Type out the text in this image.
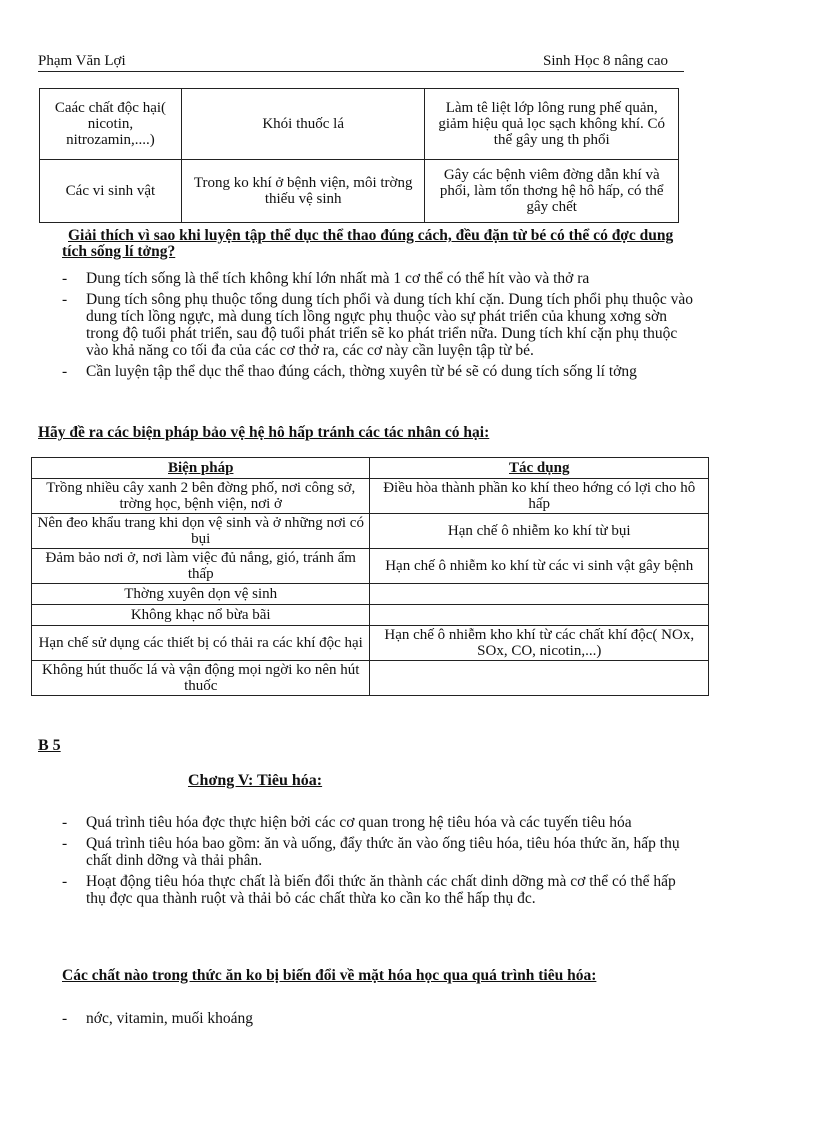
Phạm Văn Lợi	Sinh Học 8 nâng cao
Caác chất độc hại( nicotin, nitrozamin,....)	Khói thuốc lá	Làm tê liệt lớp lông rung phế quản, giảm hiệu quả lọc sạch không khí. Có thể gây ung th phổi
Các vi sinh vật	Trong ko khí ở bệnh viện, môi trờng thiếu vệ sinh	Gây các bệnh viêm đờng dẫn khí và phổi, làm tổn thơng hệ hô hấp, có thể gây chết
Giải thích vì sao khi luyện tập thể dục thể thao đúng cách, đều đặn từ bé có thể có đợc dung tích sống lí tởng?
- Dung tích sống là thể tích không khí lớn nhất mà 1 cơ thể có thể hít vào và thở ra
- Dung tích sông phụ thuộc tổng dung tích phổi và dung tích khí cặn. Dung tích phổi phụ thuộc vào dung tích lồng ngực, mà dung tích lồng ngực phụ thuộc vào sự phát triển của khung xơng sờn trong độ tuổi phát triển, sau độ tuổi phát triển sẽ ko phát triển nữa. Dung tích khí cặn phụ thuộc vào khả năng co tối đa của các cơ thở ra, các cơ này cần luyện tập từ bé.
- Cần luyện tập thể dục thể thao đúng cách, thờng xuyên từ bé sẽ có dung tích sống lí tởng
Hãy đề ra các biện pháp bảo vệ hệ hô hấp tránh các tác nhân có hại:
Biện pháp	Tác dụng
Trồng nhiều cây xanh 2 bên đờng phố, nơi công sở, trờng học, bệnh viện, nơi ở	Điều hòa thành phần ko khí theo hớng có lợi cho hô hấp
Nên đeo khẩu trang khi dọn vệ sinh và ở những nơi có bụi	Hạn chế ô nhiễm ko khí từ bụi
Đảm bảo nơi ở, nơi làm việc đủ nắng, gió, tránh ẩm thấp	Hạn chế ô nhiễm ko khí từ các vi sinh vật gây bệnh
Thờng xuyên dọn vệ sinh	
Không khạc nổ bừa bãi	
Hạn chế sử dụng các thiết bị có thải ra các khí độc hại	Hạn chế ô nhiễm kho khí từ các chất khí độc( NOx, SOx, CO, nicotin,...)
Không hút thuốc lá và vận động mọi ngời ko nên hút thuốc	
B 5
Chơng V: Tiêu hóa:
- Quá trình tiêu hóa đợc thực hiện bởi các cơ quan trong hệ tiêu hóa và các tuyến tiêu hóa
- Quá trình tiêu hóa bao gồm: ăn và uống, đẩy thức ăn vào ống tiêu hóa, tiêu hóa thức ăn, hấp thụ chất dinh dỡng và thải phân.
- Hoạt động tiêu hóa thực chất là biến đổi thức ăn thành các chất dinh dỡng mà cơ thể có thể hấp thụ đợc qua thành ruột và thải bỏ các chất thừa ko cần ko thể hấp thụ đc.
Các chất nào trong thức ăn ko bị biến đổi về mặt hóa học qua quá trình tiêu hóa:
- nớc, vitamin, muối khoáng
